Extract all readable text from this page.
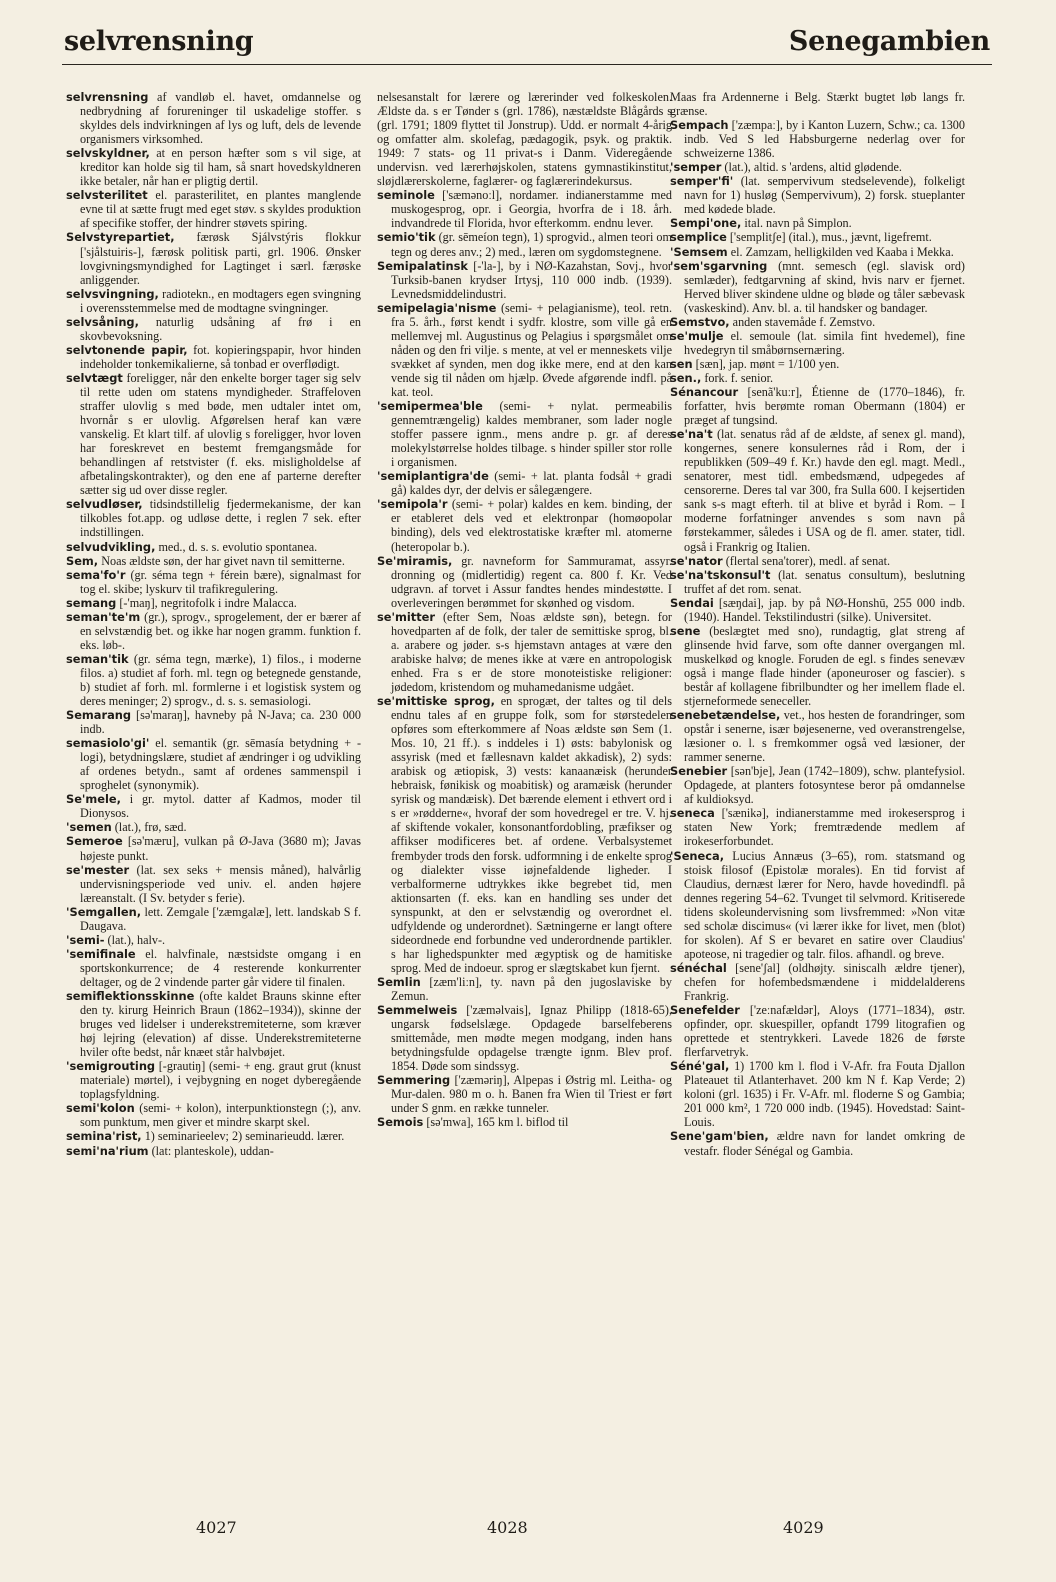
selvrensning	Senegambien

selvrensning af vandløb el. havet, omdannelse og nedbrydning af forureninger til uskadelige stoffer. s skyldes dels indvirkningen af lys og luft, dels de levende organismers virksomhed.

selvskyldner, at en person hæfter som s vil sige, at kreditor kan holde sig til ham, så snart hovedskyldneren ikke betaler, når han er pligtig dertil.

selvsterilitet el. parasterilitet, en plantes manglende evne til at sætte frugt med eget støv. s skyldes produktion af specifike stoffer, der hindrer støvets spiring.

Selvstyrepartiet, færøsk Sjálvstýris flokkur ['sjålstuiris-], færøsk politisk parti, grl. 1906. Ønsker lovgivningsmyndighed for Lagtinget i særl. færøske anliggender.

selvsvingning, radiotekn., en modtagers egen svingning i overensstemmelse med de modtagne svingninger.

selvsåning, naturlig udsåning af frø i en skovbevoksning.

selvtonende papir, fot. kopieringspapir, hvor hinden indeholder tonkemikalierne, så tonbad er overflødigt.

selvtægt foreligger, når den enkelte borger tager sig selv til rette uden om statens myndigheder. Straffeloven straffer ulovlig s med bøde, men udtaler intet om, hvornår s er ulovlig. Afgørelsen heraf kan være vanskelig. Et klart tilf. af ulovlig s foreligger, hvor loven har foreskrevet en bestemt fremgangsmåde for behandlingen af retstvister (f. eks. misligholdelse af afbetalingskontrakter), og den ene af parterne derefter sætter sig ud over disse regler.

selvudløser, tidsindstillelig fjedermekanisme, der kan tilkobles fot.app. og udløse dette, i reglen 7 sek. efter indstillingen.

selvudvikling, med., d. s. s. evolutio spontanea.

Sem, Noas ældste søn, der har givet navn til semitterne.

sema'fo'r (gr. séma tegn + férein bære), signalmast for tog el. skibe; lyskurv til trafikregulering.

semang [-'maŋ], negritofolk i indre Malacca.

seman'te'm (gr.), sprogv., sprogelement, der er bærer af en selvstændig bet. og ikke har nogen gramm. funktion f. eks. løb-.

seman'tik (gr. séma tegn, mærke), 1) filos., i moderne filos. a) studiet af forh. ml. tegn og betegnede genstande, b) studiet af forh. ml. formlerne i et logistisk system og deres meninger; 2) sprogv., d. s. s. semasiologi.

Semarang [sə'maraŋ], havneby på N-Java; ca. 230 000 indb.

semasiolo'gi' el. semantik (gr. sēmasía betydning + -logi), betydningslære, studiet af ændringer i og udvikling af ordenes betydn., samt af ordenes sammenspil i sproghelet (synonymik).

Se'mele, i gr. mytol. datter af Kadmos, moder til Dionysos.

'semen (lat.), frø, sæd.

Semeroe [sə'mæru], vulkan på Ø-Java (3680 m); Javas højeste punkt.

se'mester (lat. sex seks + mensis måned), halvårlig undervisningsperiode ved univ. el. anden højere læreanstalt. (I Sv. betyder s ferie).

'Semgallen, lett. Zemgale ['zæmgalæ], lett. landskab S f. Daugava.

'semi- (lat.), halv-.

'semifinale el. halvfinale, næstsidste omgang i en sportskonkurrence; de 4 resterende konkurrenter deltager, og de 2 vindende parter går videre til finalen.

semiflektionsskinne (ofte kaldet Brauns skinne efter den ty. kirurg Heinrich Braun (1862–1934)), skinne der bruges ved lidelser i underekstremiteterne, som kræver høj lejring (elevation) af disse. Underekstremiteterne hviler ofte bedst, når knæet står halvbøjet.

'semigrouting [-grautiŋ] (semi- + eng. graut grut (knust materiale) mørtel), i vejbygning en noget dyberegående toplagsfyldning.

semi'kolon (semi- + kolon), interpunktionstegn (;), anv. som punktum, men giver et mindre skarpt skel.

semina'rist, 1) seminarieelev; 2) seminarieudd. lærer.

semi'na'rium (lat: planteskole), uddan-

nelsesanstalt for lærere og lærerinder ved folkeskolen. Ældste da. s er Tønder s (grl. 1786), næstældste Blågårds s (grl. 1791; 1809 flyttet til Jonstrup). Udd. er normalt 4-årig og omfatter alm. skolefag, pædagogik, psyk. og praktik. 1949: 7 stats- og 11 privat-s i Danm. Videregående undervisn. ved lærerhøjskolen, statens gymnastikinstitut, sløjdlærerskolerne, faglærer- og faglærerindekursus.

seminole ['sæmənoːl], nordamer. indianerstamme med muskogesprog, opr. i Georgia, hvorfra de i 18. årh. indvandrede til Florida, hvor efterkomm. endnu lever.

semio'tik (gr. sēmeíon tegn), 1) sprogvid., almen teori om tegn og deres anv.; 2) med., læren om sygdomstegnene.

Semipalatinsk [-'la-], by i NØ-Kazahstan, Sovj., hvor Turksib-banen krydser Irtysj, 110 000 indb. (1939). Levnedsmiddelindustri.

semipelagia'nisme (semi- + pelagianisme), teol. retn. fra 5. årh., først kendt i sydfr. klostre, som ville gå en mellemvej ml. Augustinus og Pelagius i spørgsmålet om nåden og den fri vilje. s mente, at vel er menneskets vilje svækket af synden, men dog ikke mere, end at den kan vende sig til nåden om hjælp. Øvede afgørende indfl. på kat. teol.

'semipermea'ble (semi- + nylat. permeabilis gennemtrængelig) kaldes membraner, som lader nogle stoffer passere ignm., mens andre p. gr. af deres molekylstørrelse holdes tilbage. s hinder spiller stor rolle i organismen.

'semiplantigra'de (semi- + lat. planta fodsål + gradi gå) kaldes dyr, der delvis er sålegængere.

'semipola'r (semi- + polar) kaldes en kem. binding, der er etableret dels ved et elektronpar (homøopolar binding), dels ved elektrostatiske kræfter ml. atomerne (heteropolar b.).

Se'miramis, gr. navneform for Sammuramat, assyr. dronning og (midlertidig) regent ca. 800 f. Kr. Ved udgravn. af torvet i Assur fandtes hendes mindestøtte. I overleveringen berømmet for skønhed og visdom.

se'mitter (efter Sem, Noas ældste søn), betegn. for hovedparten af de folk, der taler de semittiske sprog, bl. a. arabere og jøder. s-s hjemstavn antages at være den arabiske halvø; de menes ikke at være en antropologisk enhed. Fra s er de store monoteistiske religioner: jødedom, kristendom og muhamedanisme udgået.

se'mittiske sprog, en sprogæt, der taltes og til dels endnu tales af en gruppe folk, som for størstedelen opføres som efterkommere af Noas ældste søn Sem (1. Mos. 10, 21 ff.). s inddeles i 1) østs: babylonisk og assyrisk (med et fællesnavn kaldet akkadisk), 2) syds: arabisk og ætiopisk, 3) vests: kanaanæisk (herunder hebraisk, fønikisk og moabitisk) og aramæisk (herunder syrisk og mandæisk). Det bærende element i ethvert ord i s er »rødderne«, hvoraf der som hovedregel er tre. V. hj. af skiftende vokaler, konsonantfordobling, præfikser og affikser modificeres bet. af ordene. Verbalsystemet frembyder trods den forsk. udformning i de enkelte sprog og dialekter visse iøjnefaldende ligheder. I verbalformerne udtrykkes ikke begrebet tid, men aktionsarten (f. eks. kan en handling ses under det synspunkt, at den er selvstændig og overordnet el. udfyldende og underordnet). Sætningerne er langt oftere sideordnede end forbundne ved underordnende partikler. s har lighedspunkter med ægyptisk og de hamitiske sprog. Med de indoeur. sprog er slægtskabet kun fjernt.

Semlin [zæm'liːn], ty. navn på den jugoslaviske by Zemun.

Semmelweis ['zæməlvais], Ignaz Philipp (1818-65), ungarsk fødselslæge. Opdagede barselfeberens smittemåde, men mødte megen modgang, inden hans betydningsfulde opdagelse trængte ignm. Blev prof. 1854. Døde som sindssyg.

Semmering ['zæməriŋ], Alpepas i Østrig ml. Leitha- og Mur-dalen. 980 m o. h. Banen fra Wien til Triest er ført under S gnm. en række tunneler.

Semois [sə'mwa], 165 km l. biflod til

Maas fra Ardennerne i Belg. Stærkt bugtet løb langs fr. grænse.

Sempach ['zæmpaː], by i Kanton Luzern, Schw.; ca. 1300 indb. Ved S led Habsburgerne nederlag over for schweizerne 1386.

'semper (lat.), altid. s 'ardens, altid glødende.

semper'fi' (lat. sempervivum stedselevende), folkeligt navn for 1) husløg (Sempervivum), 2) forsk. stueplanter med kødede blade.

Sempi'one, ital. navn på Simplon.

semplice ['semplitʃe] (ital.), mus., jævnt, ligefremt.

'Semsem el. Zamzam, helligkilden ved Kaaba i Mekka.

'sem'sgarvning (mnt. semesch (egl. slavisk ord) semlæder), fedtgarvning af skind, hvis narv er fjernet. Herved bliver skindene uldne og bløde og tåler sæbevask (vaskeskind). Anv. bl. a. til handsker og bandager.

Semstvo, anden stavemåde f. Zemstvo.

se'mulje el. semoule (lat. simila fint hvedemel), fine hvedegryn til småbørnsernæring.

sen [sæn], jap. mønt = 1/100 yen.

sen., fork. f. senior.

Sénancour [senã'kuːr], Étienne de (1770–1846), fr. forfatter, hvis berømte roman Obermann (1804) er præget af tungsind.

se'na't (lat. senatus råd af de ældste, af senex gl. mand), kongernes, senere konsulernes råd i Rom, der i republikken (509–49 f. Kr.) havde den egl. magt. Medl., senatorer, mest tidl. embedsmænd, udpegedes af censorerne. Deres tal var 300, fra Sulla 600. I kejsertiden sank s-s magt efterh. til at blive et byråd i Rom. – I moderne forfatninger anvendes s som navn på førstekammer, således i USA og de fl. amer. stater, tidl. også i Frankrig og Italien.

se'nator (flertal sena'torer), medl. af senat.

se'na'tskonsul't (lat. senatus consultum), beslutning truffet af det rom. senat.

Sendai [sæŋdai], jap. by på NØ-Honshū, 255 000 indb. (1940). Handel. Tekstilindustri (silke). Universitet.

sene (beslægtet med sno), rundagtig, glat streng af glinsende hvid farve, som ofte danner overgangen ml. muskelkød og knogle. Foruden de egl. s findes senevæv også i mange flade hinder (aponeuroser og fascier). s består af kollagene fibrilbundter og her imellem flade el. stjerneformede seneceller.

senebetændelse, vet., hos hesten de forandringer, som opstår i senerne, især bøjesenerne, ved overanstrengelse, læsioner o. l. s fremkommer også ved læsioner, der rammer senerne.

Senebier [sən'bje], Jean (1742–1809), schw. plantefysiol. Opdagede, at planters fotosyntese beror på omdannelse af kuldioksyd.

seneca ['sænikə], indianerstamme med irokesersprog i staten New York; fremtrædende medlem af irokeserforbundet.

'Seneca, Lucius Annæus (3–65), rom. statsmand og stoisk filosof (Epistolæ morales). En tid forvist af Claudius, dernæst lærer for Nero, havde hovedindfl. på dennes regering 54–62. Tvunget til selvmord. Kritiserede tidens skoleundervisning som livsfremmed: »Non vitæ sed scholæ discimus« (vi lærer ikke for livet, men (blot) for skolen). Af S er bevaret en satire over Claudius' apoteose, ni tragedier og talr. filos. afhandl. og breve.

sénéchal [sene'ʃal] (oldhøjty. siniscalh ældre tjener), chefen for hofembedsmændene i middelalderens Frankrig.

Senefelder ['zeːnafældər], Aloys (1771–1834), østr. opfinder, opr. skuespiller, opfandt 1799 litografien og oprettede et stentrykkeri. Lavede 1826 de første flerfarvetryk.

Séné'gal, 1) 1700 km l. flod i V-Afr. fra Fouta Djallon Plateauet til Atlanterhavet. 200 km N f. Kap Verde; 2) koloni (grl. 1635) i Fr. V-Afr. ml. floderne S og Gambia; 201 000 km², 1 720 000 indb. (1945). Hovedstad: Saint-Louis.

Sene'gam'bien, ældre navn for landet omkring de vestafr. floder Sénégal og Gambia.

4027	4028	4029
